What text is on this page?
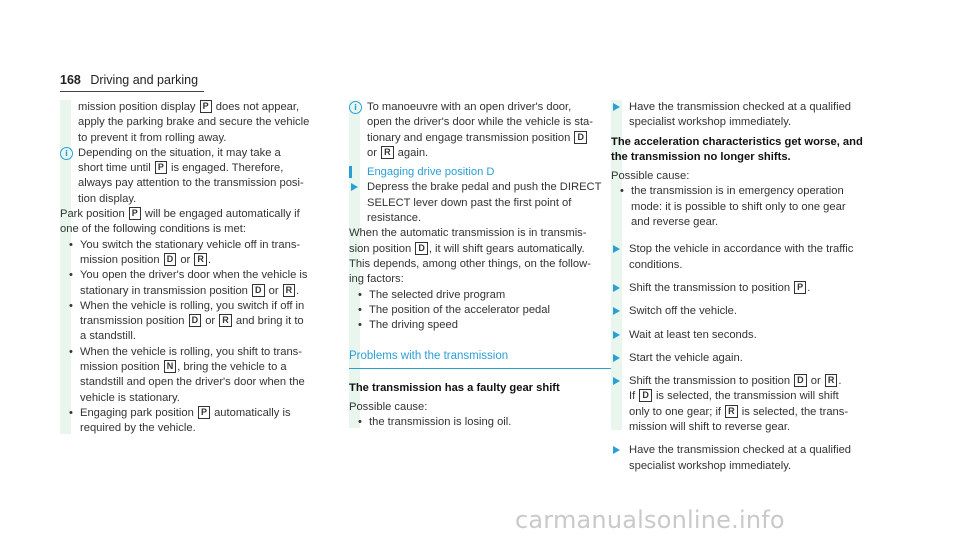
168 Driving and parking

mission position display P does not appear,
apply the parking brake and secure the vehicle
to prevent it from rolling away.

i Depending on the situation, it may take a
short time until P is engaged. Therefore,
always pay attention to the transmission posi-
tion display.

Park position P will be engaged automatically if
one of the following conditions is met:

• You switch the stationary vehicle off in trans-
mission position D or R .

• You open the driver's door when the vehicle is
stationary in transmission position D or R .

• When the vehicle is rolling, you switch if off in
transmission position D or R and bring it to
a standstill.

• When the vehicle is rolling, you shift to trans-
mission position N , bring the vehicle to a
standstill and open the driver's door when the
vehicle is stationary.

• Engaging park position P automatically is
required by the vehicle.

i To manoeuvre with an open driver's door,
open the driver's door while the vehicle is sta-
tionary and engage transmission position D
or R again.

Engaging drive position D

Depress the brake pedal and push the DIRECT
SELECT lever down past the first point of
resistance.

When the automatic transmission is in transmis-
sion position D , it will shift gears automatically.
This depends, among other things, on the follow-
ing factors:

• The selected drive program

• The position of the accelerator pedal

• The driving speed

Problems with the transmission

The transmission has a faulty gear shift

Possible cause:

• the transmission is losing oil.

Have the transmission checked at a qualified
specialist workshop immediately.

The acceleration characteristics get worse, and
the transmission no longer shifts.

Possible cause:

• the transmission is in emergency operation
mode: it is possible to shift only to one gear
and reverse gear.

Stop the vehicle in accordance with the traffic
conditions.

Shift the transmission to position P .

Switch off the vehicle.

Wait at least ten seconds.

Start the vehicle again.

Shift the transmission to position D or R .
If D is selected, the transmission will shift
only to one gear; if R is selected, the trans-
mission will shift to reverse gear.

Have the transmission checked at a qualified
specialist workshop immediately.

carmanualsonline.info
